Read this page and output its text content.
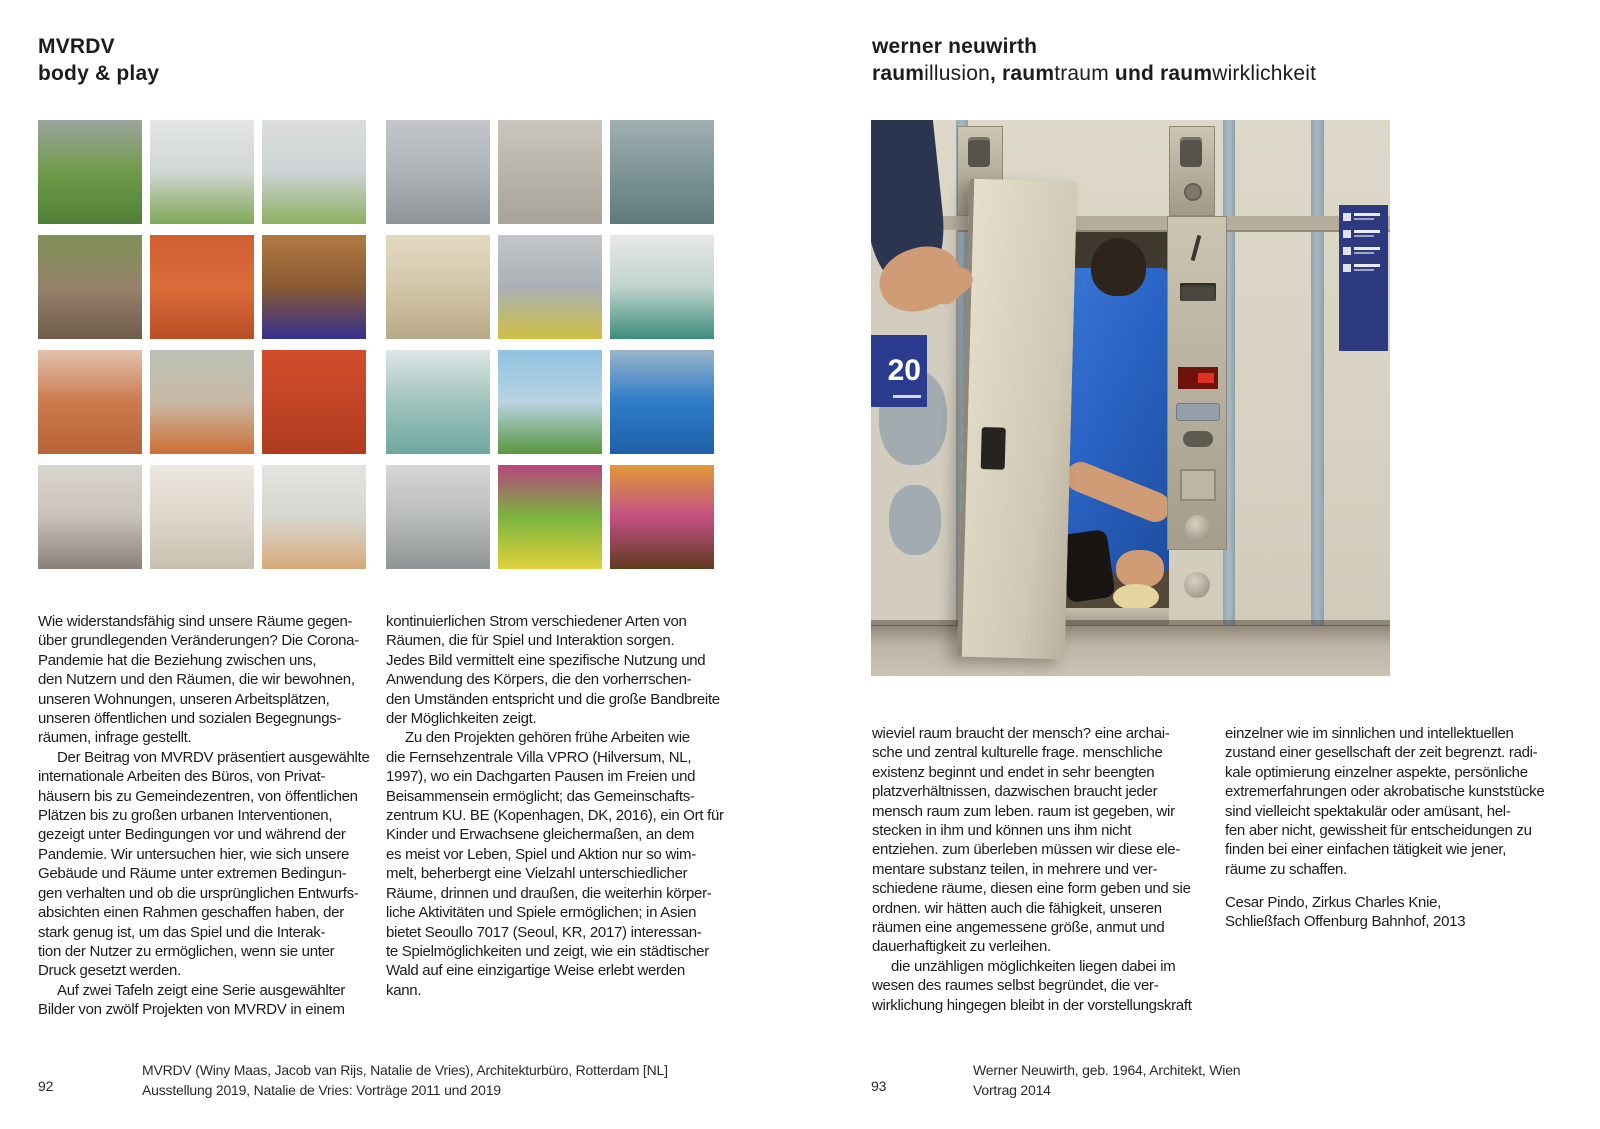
MVRDV
body & play
Wie widerstandsfähig sind unsere Räume gegen-
über grundlegenden Veränderungen? Die Corona-
Pandemie hat die Beziehung zwischen uns,
den Nutzern und den Räumen, die wir bewohnen,
unseren Wohnungen, unseren Arbeitsplätzen,
unseren öffentlichen und sozialen Begegnungs-
räumen, infrage gestellt.
Der Beitrag von MVRDV präsentiert ausgewählte
internationale Arbeiten des Büros, von Privat-
häusern bis zu Gemeindezentren, von öffentlichen
Plätzen bis zu großen urbanen Interventionen,
gezeigt unter Bedingungen vor und während der
Pandemie. Wir untersuchen hier, wie sich unsere
Gebäude und Räume unter extremen Bedingun-
gen verhalten und ob die ursprünglichen Entwurfs-
absichten einen Rahmen geschaffen haben, der
stark genug ist, um das Spiel und die Interak-
tion der Nutzer zu ermöglichen, wenn sie unter
Druck gesetzt werden.
Auf zwei Tafeln zeigt eine Serie ausgewählter
Bilder von zwölf Projekten von MVRDV in einem
kontinuierlichen Strom verschiedener Arten von
Räumen, die für Spiel und Interaktion sorgen.
Jedes Bild vermittelt eine spezifische Nutzung und
Anwendung des Körpers, die den vorherrschen-
den Umständen entspricht und die große Bandbreite
der Möglichkeiten zeigt.
Zu den Projekten gehören frühe Arbeiten wie
die Fernsehzentrale Villa VPRO (Hilversum, NL,
1997), wo ein Dachgarten Pausen im Freien und
Beisammensein ermöglicht; das Gemeinschafts-
zentrum KU. BE (Kopenhagen, DK, 2016), ein Ort für
Kinder und Erwachsene gleichermaßen, an dem
es meist vor Leben, Spiel und Aktion nur so wim-
melt, beherbergt eine Vielzahl unterschiedlicher
Räume, drinnen und draußen, die weiterhin körper-
liche Aktivitäten und Spiele ermöglichen; in Asien
bietet Seoullo 7017 (Seoul, KR, 2017) interessan-
te Spielmöglichkeiten und zeigt, wie ein städtischer
Wald auf eine einzigartige Weise erlebt werden
kann.
92
MVRDV (Winy Maas, Jacob van Rijs, Natalie de Vries), Architekturbüro, Rotterdam [NL]
Ausstellung 2019, Natalie de Vries: Vorträge 2011 und 2019
werner neuwirth
raumillusion, raumtraum und raumwirklichkeit
20
wieviel raum braucht der mensch? eine archai-
sche und zentral kulturelle frage. menschliche
existenz beginnt und endet in sehr beengten
platzverhältnissen, dazwischen braucht jeder
mensch raum zum leben. raum ist gegeben, wir
stecken in ihm und können uns ihm nicht
entziehen. zum überleben müssen wir diese ele-
mentare substanz teilen, in mehrere und ver-
schiedene räume, diesen eine form geben und sie
ordnen. wir hätten auch die fähigkeit, unseren
räumen eine angemessene größe, anmut und
dauerhaftigkeit zu verleihen.
die unzähligen möglichkeiten liegen dabei im
wesen des raumes selbst begründet, die ver-
wirklichung hingegen bleibt in der vorstellungskraft
einzelner wie im sinnlichen und intellektuellen
zustand einer gesellschaft der zeit begrenzt. radi-
kale optimierung einzelner aspekte, persönliche
extremerfahrungen oder akrobatische kunststücke
sind vielleicht spektakulär oder amüsant, hel-
fen aber nicht, gewissheit für entscheidungen zu
finden bei einer einfachen tätigkeit wie jener,
räume zu schaffen.
Cesar Pindo, Zirkus Charles Knie,
Schließfach Offenburg Bahnhof, 2013
93
Werner Neuwirth, geb. 1964, Architekt, Wien
Vortrag 2014
